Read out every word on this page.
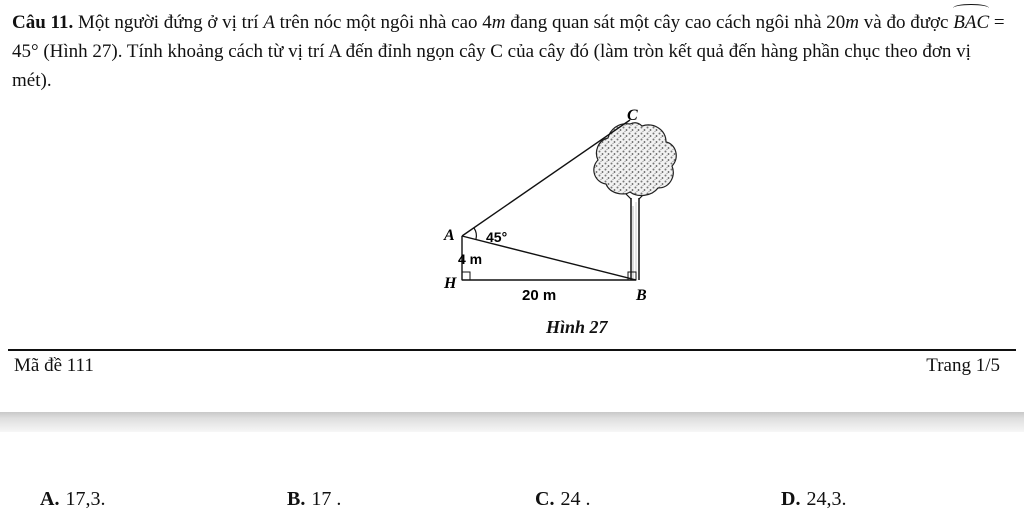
Câu 11. Một người đứng ở vị trí A trên nóc một ngôi nhà cao 4m đang quan sát một cây cao cách ngôi nhà 20m và đo được BAC = 45° (Hình 27). Tính khoảng cách từ vị trí A đến đỉnh ngọn cây C của cây đó (làm tròn kết quả đến hàng phần chục theo đơn vị mét).
C
A
H
B
45°
4 m
20 m
Hình 27
Mã đề 111	Trang 1/5
A. 17,3.	B. 17 .	C. 24 .	D. 24,3.
